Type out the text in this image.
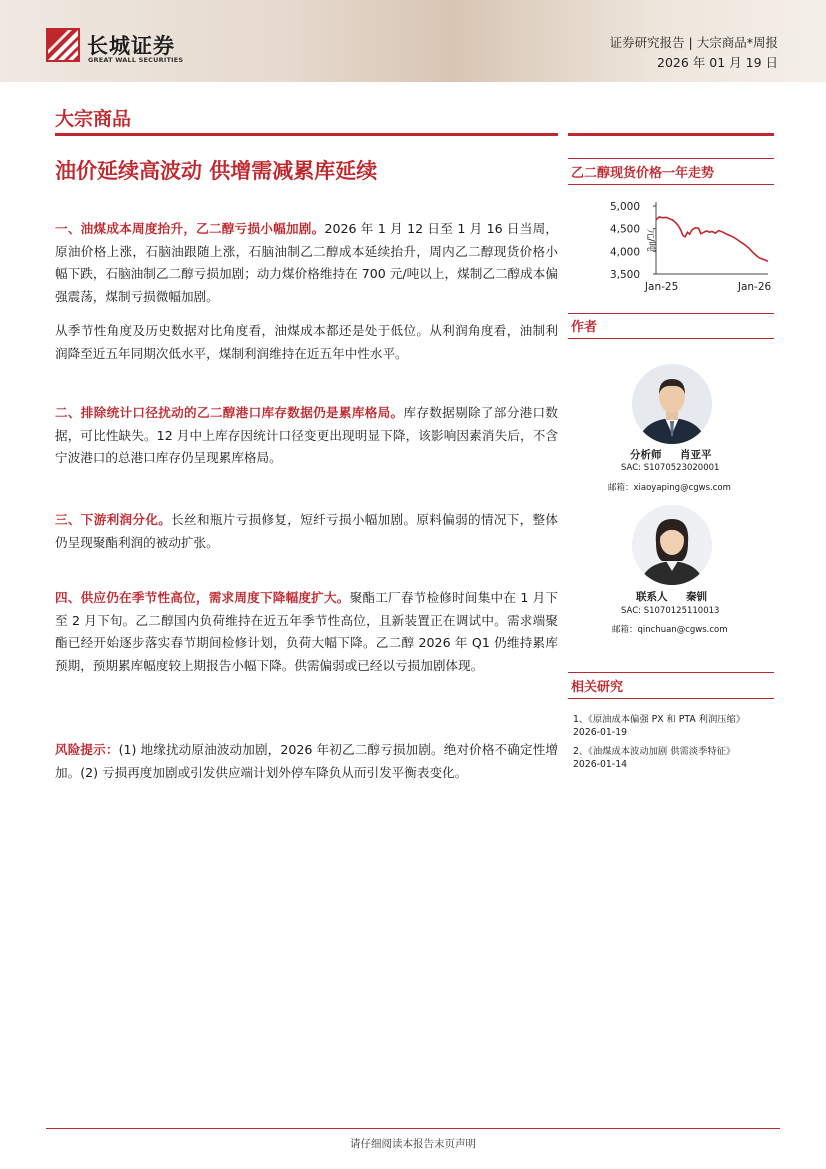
长城证券
GREAT WALL SECURITIES
证券研究报告 | 大宗商品*周报
2026 年 01 月 19 日
大宗商品
油价延续高波动 供增需减累库延续
一、油煤成本周度抬升，乙二醇亏损小幅加剧。2026 年 1 月 12 日至 1 月 16 日当周，原油价格上涨，石脑油跟随上涨，石脑油制乙二醇成本延续抬升，周内乙二醇现货价格小幅下跌，石脑油制乙二醇亏损加剧；动力煤价格维持在 700 元/吨以上，煤制乙二醇成本偏强震荡，煤制亏损微幅加剧。
从季节性角度及历史数据对比角度看，油煤成本都还是处于低位。从利润角度看，油制利润降至近五年同期次低水平，煤制利润维持在近五年中性水平。
二、排除统计口径扰动的乙二醇港口库存数据仍是累库格局。库存数据剔除了部分港口数据，可比性缺失。12 月中上库存因统计口径变更出现明显下降，该影响因素消失后，不含宁波港口的总港口库存仍呈现累库格局。
三、下游利润分化。长丝和瓶片亏损修复，短纤亏损小幅加剧。原料偏弱的情况下，整体仍呈现聚酯利润的被动扩张。
四、供应仍在季节性高位，需求周度下降幅度扩大。聚酯工厂春节检修时间集中在 1 月下至 2 月下旬。乙二醇国内负荷维持在近五年季节性高位，且新装置正在调试中。需求端聚酯已经开始逐步落实春节期间检修计划，负荷大幅下降。乙二醇 2026 年 Q1 仍维持累库预期，预期累库幅度较上期报告小幅下降。供需偏弱或已经以亏损加剧体现。
风险提示：(1) 地缘扰动原油波动加剧，2026 年初乙二醇亏损加剧。绝对价格不确定性增加。(2) 亏损再度加剧或引发供应端计划外停车降负从而引发平衡表变化。
乙二醇现货价格一年走势
5,000
4,500
4,000
3,500
Jan-25	Jan-26
元/吨
作者
分析师 肖亚平
SAC: S1070523020001
邮箱：xiaoyaping@cgws.com
联系人 秦钏
SAC: S1070125110013
邮箱：qinchuan@cgws.com
相关研究
1、《原油成本偏强 PX 和 PTA 利润压缩》
2026-01-19
2、《油煤成本波动加剧 供需淡季特征》
2026-01-14
请仔细阅读本报告末页声明
